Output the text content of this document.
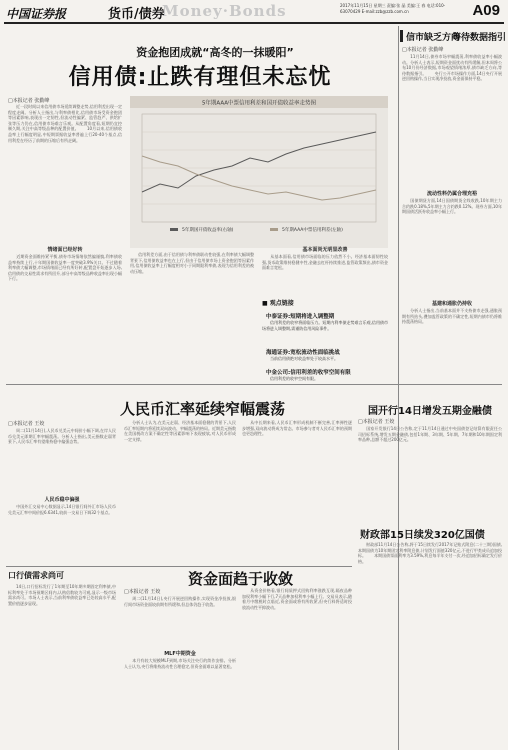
中国证券报	货币/债券
Money·Bonds	2017年11月15日 星期三 责编:张 晶 美编:王 春 电话:010-63070429 E-mail:zzb@zzb.com.cn	A09
资金抱团成就“高冬的一抹暖阳”
信用债:止跌有理但未忘忧
□本报记者 张勤峰
　　近一段时间以来信用债市场延续调整走势,信用利差出现一定程度走阔。分析人士指出,与利率债相比,信用债市场受资金抱团等因素影响,表现出一定韧性,但流动性偏紧、监管趋严、供给扩张等压力仍在,信用债市场难言乐观。从配置角度看,短期仍宜控制久期,关注中高等级品种的配置价值。　　10月以来,信用债收益率上行幅度明显,中短期票据收益率普遍上行20-40个基点,信用利差在经历了前期的压缩后有所走阔。
情绪面已经好转
　　近期资金面维持紧平衡,债券市场情绪依然偏谨慎,利率债收益率持续上行,十年期国债收益率一度突破3.9%关口。不过随着利率债大幅调整,市场情绪面已经有所好转,配置盘开始逐步入场,信用债的交易性需求有所回升,部分中高等级品种收益率出现小幅下行。
5年期AAA中票信用利差和国开债收益率走势图
5年期国开债收益率(右轴)	5年期AAA中票信用利差(左轴)
　　信用利差方面,由于信用债与利率债联动性较强,在利率债大幅调整背景下,信用债收益率也在上行,但由于信用债市场上资金抱团等因素作用,信用债收益率上行幅度相对小于同期限利率债,表现为信用利差的被动压缩。
基本面尚无明显改善
　　从基本面看,信用债市场面临的压力依然不小。经济基本面韧性较强,货币政策维持稳健中性,金融去杠杆持续推进,监管政策频出,债市资金面难言宽松。
■ 观点链接
中泰证券:短期将进入调整期
　　信用利差的收窄将面临压力。短期内利率债走势难言乐观,信用债市场将进入调整期,需谨防信用风险事件。
海通证券:宽松流动性面临挑战
　　当前信用债绝对收益率处于较高水平。
中金公司:信用利差的收窄空间有限
　　信用利差的收窄空间有限。
信市缺乏方向
等待数据指引
□本报记者 张勤峰
　　11月14日,债券市场窄幅震荡,利率债收益率小幅波动。分析人士表示,短期资金面扰动有所缓解,但本周将公布10月份经济数据,市场观望情绪浓厚,债市缺乏方向,等待数据指引。　　央行公开市场操作方面,14日央行开展逆回购操作,当日实现净投放,资金面保持平稳。
流动性料仍属合理充裕
　　国债期货方面,14日国债期货全线收跌,10年期主力合约跌0.18%,5年期主力合约跌0.12%。现券方面,10年期国债活跃券收益率小幅上行。
基建和通胀仍持收
　　分析人士指出,当前基本面并不支持债市走强,通胀预期有所抬头,叠加监管政策的不确定性,短期内债市仍将维持震荡格局。
国开行14日增发五期金融债
□本报记者 王姣
　　国家开发银行14日公告称,定于11月14日通过中央国债登记结算有限责任公司招标系统,增发五期金融债,包括1年期、3年期、5年期、7年期和10年期固定利率品种,总额不超过200亿元。
财政部15日续发320亿国债
　　财政部11月14日公告称,将于15日续发行2017年记账式附息(二十三期)国债,本期国债为10年期固定利率附息债,计划发行面值320亿元,不进行甲类成员追加投标。　　本期国债票面利率为3.59%,利息每半年支付一次,经追加招标确定发行价格。
人民币汇率延续窄幅震荡
□本报记者 王姣
　　周二(11月14日),人民币兑美元中间价小幅下调,在岸人民币兑美元即期汇率窄幅震荡。分析人士指出,美元指数走弱背景下,人民币汇率有望维持稳中偏强态势。
人民币稳中偏强
　　中国外汇交易中心数据显示,14日银行间外汇市场人民币兑美元汇率中间价报6.6341,较前一交易日下调32个基点。
　　分析人士认为,在美元走弱、经济基本面稳健的背景下,人民币汇率短期内将延续双向波动、窄幅震荡的格局。近期美元指数在美国税改方案不确定性等因素影响下表现疲软,对人民币形成一定支撑。
　　从中长期来看,人民币汇率形成机制不断完善,汇率弹性逐步增强,双向波动将成为常态。市场参与者对人民币汇率的预期也更趋理性。
口行债需求尚可
　　14日,口行招标发行了1年期至10年期多期固定利率债,中标利率处于市场预期区间内,认购倍数较为可观,显示一级市场需求尚可。市场人士表示,当前利率债收益率已处较高水平,配置价值逐步显现。
资金面趋于收敛
□本报记者 王姣
　　周二(11月14日),央行开展逆回购操作,实现资金净投放,银行间市场资金面较前期有所缓和,但总体仍趋于收敛。
MLF中期资金
　　本月有较大规模MLF到期,市场关注央行的续作安排。分析人士认为,央行将维持流动性合理稳定,但资金面难以显著宽松。
　　从资金价格看,银行间质押式回购利率涨跌互现,隔夜品种加权利率小幅下行,7天品种加权利率小幅上行。交易员表示,随着月中缴税时点临近,资金面或将有所收紧,但央行料将适时投放流动性平抑波动。
